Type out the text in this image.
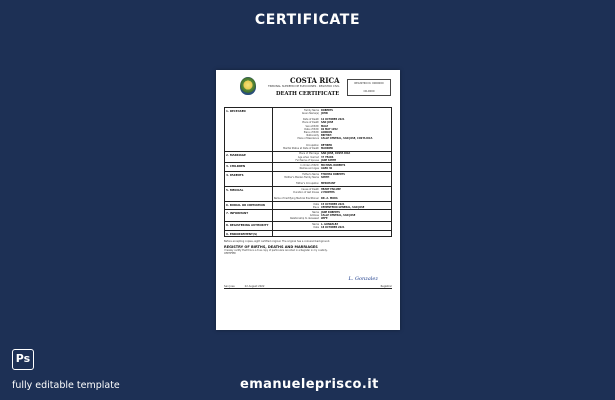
CERTIFICATE
COSTA RICA
TRIBUNAL SUPREMO DE ELECCIONES · REGISTRO CIVIL
DEATH CERTIFICATE
REGISTRO N. 0000000
CR-0000
1. DECEASED	Family Name ROBERTS
Given Name(s) JOHN
Date of Death 12 OCTOBER 2021
Place of Death SAN JOSE
Sex at Birth MALE
Date of Birth 02 MAY 1952
Place of Birth LONDON
Nationality BRITISH
Place of Residence CALLE CENTRAL, SAN JOSE, COSTA RICA
Occupation RETIRED
Marital Status at Date of Death MARRIED
2. MARRIAGE	Place of Marriage SAN JOSE, COSTA RICA
Age when married 37 YEARS
Full Name of Spouse JANE SMITH
3. CHILDREN	In Order of Birth MICHAEL ROBERTS
Names and Ages AGED 30
4. PARENTS	Father's Name THOMAS ROBERTS
Mother's Maiden Family Name SMITH
Father's Occupation MERCHANT
5. MEDICAL	Cause of Death HEART FAILURE
Duration of last illness 2 MONTHS
Name of Certifying Medical Practitioner DR. A. MORA
6. BURIAL OR CREMATION	Date 15 OCTOBER 2021
Place CEMENTERIO GENERAL, SAN JOSE
7. INFORMANT	Name JANE ROBERTS
Address CALLE CENTRAL, SAN JOSE
Relationship to deceased WIFE
8. REGISTERING AUTHORITY	Name L. GONZALEZ
Date 18 OCTOBER 2021
9. ENDORSEMENT(S)
Before accepting copies, sight certified original. The original has a coloured background.
REGISTRY OF BIRTHS, DEATHS AND MARRIAGES
I hereby certify that this is a true copy of particulars recorded in a Register in my custody.
CERTIFIED
L. Gonzalez
San Jose	22 August 2022	Registrar
Ps
fully editable template	emanueleprisco.it
